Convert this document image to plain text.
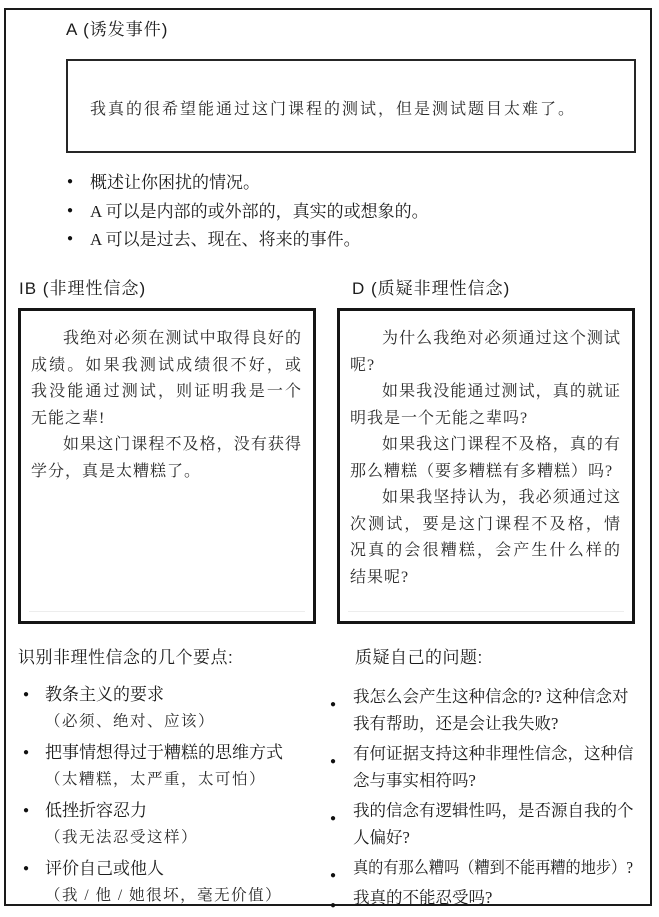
A (诱发事件)
我真的很希望能通过这门课程的测试，但是测试题目太难了。
● 概述让你困扰的情况。
● A 可以是内部的或外部的，真实的或想象的。
● A 可以是过去、现在、将来的事件。
IB (非理性信念)	D (质疑非理性信念)

我绝对必须在测试中取得良好的成绩。如果我测试成绩很不好，或我没能通过测试，则证明我是一个无能之辈!

如果这门课程不及格，没有获得学分，真是太糟糕了。

为什么我绝对必须通过这个测试呢?

如果我没能通过测试，真的就证明我是一个无能之辈吗?

如果我这门课程不及格，真的有那么糟糕（要多糟糕有多糟糕）吗?

如果我坚持认为，我必须通过这次测试，要是这门课程不及格，情况真的会很糟糕，会产生什么样的结果呢?

识别非理性信念的几个要点:
● 教条主义的要求
（必须、绝对、应该）
● 把事情想得过于糟糕的思维方式
（太糟糕，太严重，太可怕）
● 低挫折容忍力
（我无法忍受这样）
● 评价自己或他人
（我 / 他 / 她很坏，毫无价值）
质疑自己的问题:
● 我怎么会产生这种信念的? 这种信念对我有帮助，还是会让我失败?
● 有何证据支持这种非理性信念，这种信念与事实相符吗?
● 我的信念有逻辑性吗，是否源自我的个人偏好?
● 真的有那么糟吗（糟到不能再糟的地步）?
● 我真的不能忍受吗?
